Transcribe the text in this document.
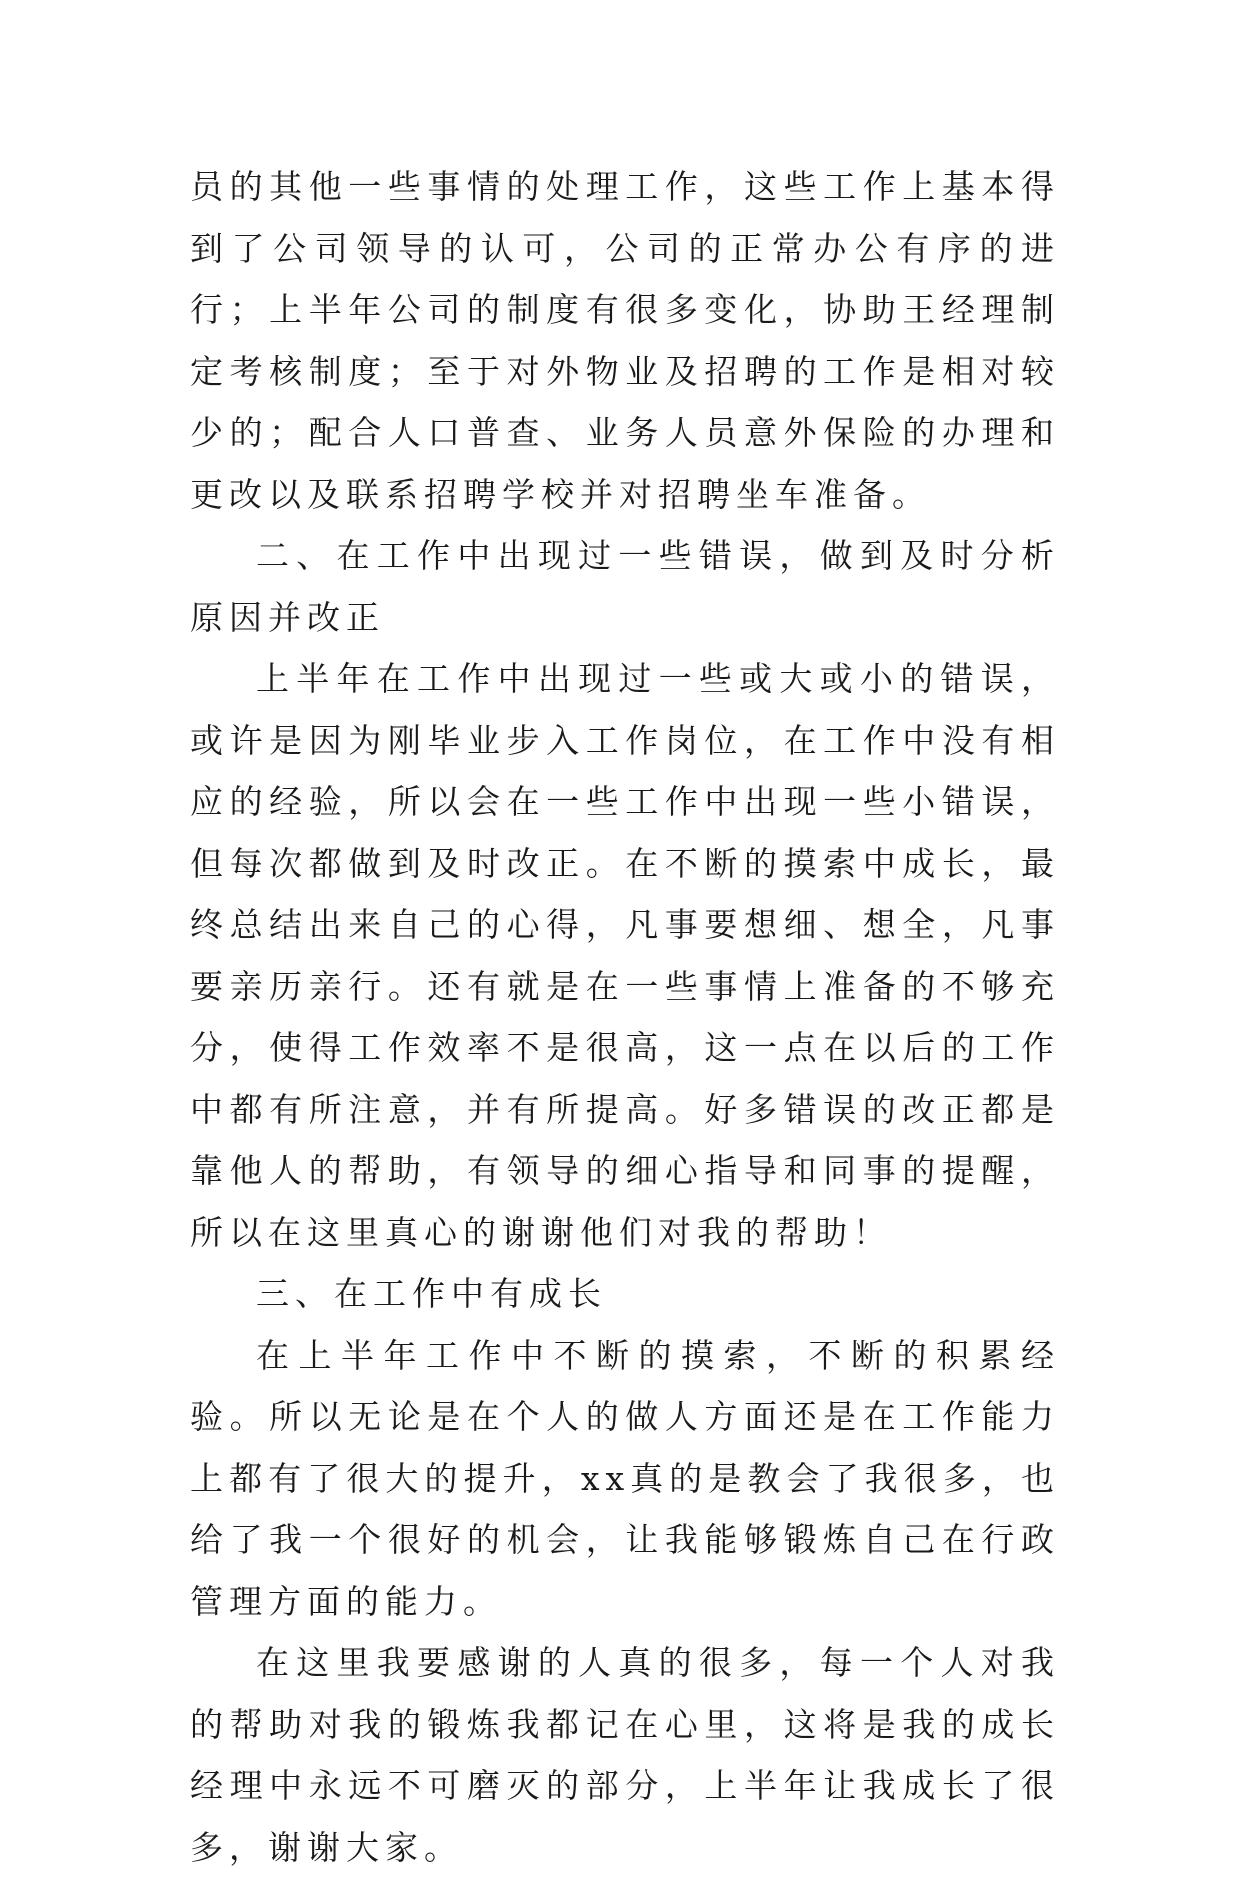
员的其他一些事情的处理工作，这些工作上基本得到了公司领导的认可，公司的正常办公有序的进行；上半年公司的制度有很多变化，协助王经理制定考核制度；至于对外物业及招聘的工作是相对较少的；配合人口普查、业务人员意外保险的办理和更改以及联系招聘学校并对招聘坐车准备。

二、在工作中出现过一些错误，做到及时分析原因并改正

上半年在工作中出现过一些或大或小的错误，或许是因为刚毕业步入工作岗位，在工作中没有相应的经验，所以会在一些工作中出现一些小错误，但每次都做到及时改正。在不断的摸索中成长，最终总结出来自己的心得，凡事要想细、想全，凡事要亲历亲行。还有就是在一些事情上准备的不够充分，使得工作效率不是很高，这一点在以后的工作中都有所注意，并有所提高。好多错误的改正都是靠他人的帮助，有领导的细心指导和同事的提醒，所以在这里真心的谢谢他们对我的帮助！

三、在工作中有成长

在上半年工作中不断的摸索，不断的积累经验。所以无论是在个人的做人方面还是在工作能力上都有了很大的提升，xx真的是教会了我很多，也给了我一个很好的机会，让我能够锻炼自己在行政管理方面的能力。

在这里我要感谢的人真的很多，每一个人对我的帮助对我的锻炼我都记在心里，这将是我的成长经理中永远不可磨灭的部分，上半年让我成长了很多，谢谢大家。
